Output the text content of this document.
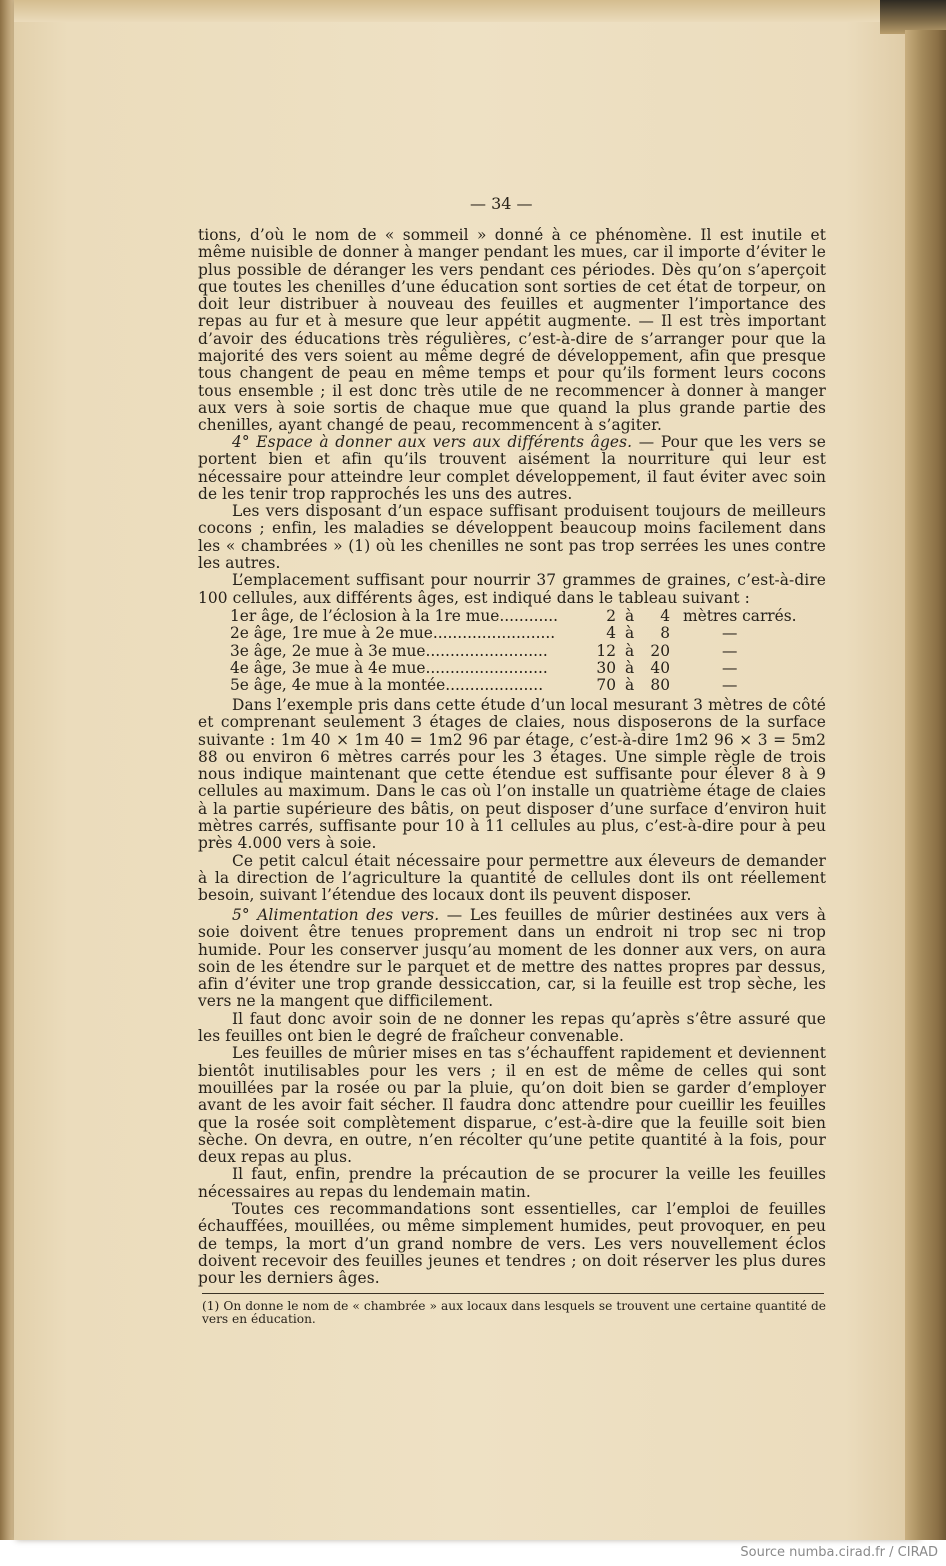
— 34 —

tions, d’où le nom de « sommeil » donné à ce phénomène. Il est inutile et même nuisible de donner à manger pendant les mues, car il importe d’éviter le plus possible de déranger les vers pendant ces périodes. Dès qu’on s’aperçoit que toutes les chenilles d’une éducation sont sorties de cet état de torpeur, on doit leur distribuer à nouveau des feuilles et augmenter l’importance des repas au fur et à mesure que leur appétit augmente. — Il est très important d’avoir des éducations très régulières, c’est-à-dire de s’arranger pour que la majorité des vers soient au même degré de développement, afin que presque tous changent de peau en même temps et pour qu’ils forment leurs cocons tous ensemble ; il est donc très utile de ne recommencer à donner à manger aux vers à soie sortis de chaque mue que quand la plus grande partie des chenilles, ayant changé de peau, recommencent à s’agiter.

4° Espace à donner aux vers aux différents âges. — Pour que les vers se portent bien et afin qu’ils trouvent aisément la nourriture qui leur est nécessaire pour atteindre leur complet développement, il faut éviter avec soin de les tenir trop rapprochés les uns des autres.

Les vers disposant d’un espace suffisant produisent toujours de meilleurs cocons ; enfin, les maladies se développent beaucoup moins facilement dans les « chambrées » (1) où les chenilles ne sont pas trop serrées les unes contre les autres.

L’emplacement suffisant pour nourrir 37 grammes de graines, c’est-à-dire 100 cellules, aux différents âges, est indiqué dans le tableau suivant :

1er âge, de l’éclosion à la 1re mue............	2 à	4 mètres carrés.
2e âge, 1re mue à 2e mue.........................	4 à	8	—
3e âge, 2e mue à 3e mue.........................	12 à 20	—
4e âge, 3e mue à 4e mue.........................	30 à 40	—
5e âge, 4e mue à la montée....................	70 à 80	—

Dans l’exemple pris dans cette étude d’un local mesurant 3 mètres de côté et comprenant seulement 3 étages de claies, nous disposerons de la surface suivante : 1m 40 × 1m 40 = 1m2 96 par étage, c’est-à-dire 1m2 96 × 3 = 5m2 88 ou environ 6 mètres carrés pour les 3 étages. Une simple règle de trois nous indique maintenant que cette étendue est suffisante pour élever 8 à 9 cellules au maximum. Dans le cas où l’on installe un quatrième étage de claies à la partie supérieure des bâtis, on peut disposer d’une surface d’environ huit mètres carrés, suffisante pour 10 à 11 cellules au plus, c’est-à-dire pour à peu près 4.000 vers à soie.

Ce petit calcul était nécessaire pour permettre aux éleveurs de demander à la direction de l’agriculture la quantité de cellules dont ils ont réellement besoin, suivant l’étendue des locaux dont ils peuvent disposer.

5° Alimentation des vers. — Les feuilles de mûrier destinées aux vers à soie doivent être tenues proprement dans un endroit ni trop sec ni trop humide. Pour les conserver jusqu’au moment de les donner aux vers, on aura soin de les étendre sur le parquet et de mettre des nattes propres par dessus, afin d’éviter une trop grande dessiccation, car, si la feuille est trop sèche, les vers ne la mangent que difficilement.

Il faut donc avoir soin de ne donner les repas qu’après s’être assuré que les feuilles ont bien le degré de fraîcheur convenable.

Les feuilles de mûrier mises en tas s’échauffent rapidement et deviennent bientôt inutilisables pour les vers ; il en est de même de celles qui sont mouillées par la rosée ou par la pluie, qu’on doit bien se garder d’employer avant de les avoir fait sécher. Il faudra donc attendre pour cueillir les feuilles que la rosée soit complètement disparue, c’est-à-dire que la feuille soit bien sèche. On devra, en outre, n’en récolter qu’une petite quantité à la fois, pour deux repas au plus.

Il faut, enfin, prendre la précaution de se procurer la veille les feuilles nécessaires au repas du lendemain matin.

Toutes ces recommandations sont essentielles, car l’emploi de feuilles échauffées, mouillées, ou même simplement humides, peut provoquer, en peu de temps, la mort d’un grand nombre de vers. Les vers nouvellement éclos doivent recevoir des feuilles jeunes et tendres ; on doit réserver les plus dures pour les derniers âges.

(1) On donne le nom de « chambrée » aux locaux dans lesquels se trouvent une certaine quantité de vers en éducation.
Source numba.cirad.fr / CIRAD
